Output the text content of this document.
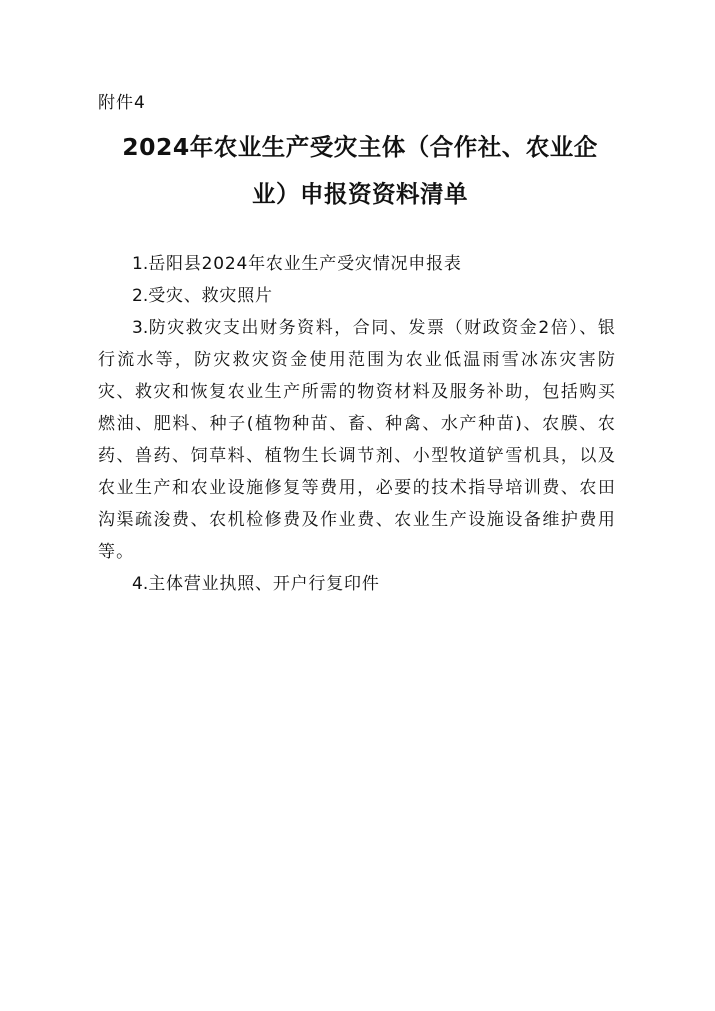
附件4
2024年农业生产受灾主体（合作社、农业企
业）申报资资料清单

1.岳阳县2024年农业生产受灾情况申报表

2.受灾、救灾照片

3.防灾救灾支出财务资料，合同、发票（财政资金2倍）、银行流水等，防灾救灾资金使用范围为农业低温雨雪冰冻灾害防灾、救灾和恢复农业生产所需的物资材料及服务补助，包括购买燃油、肥料、种子(植物种苗、畜、种禽、水产种苗)、农膜、农药、兽药、饲草料、植物生长调节剂、小型牧道铲雪机具，以及农业生产和农业设施修复等费用，必要的技术指导培训费、农田沟渠疏浚费、农机检修费及作业费、农业生产设施设备维护费用等。

4.主体营业执照、开户行复印件
